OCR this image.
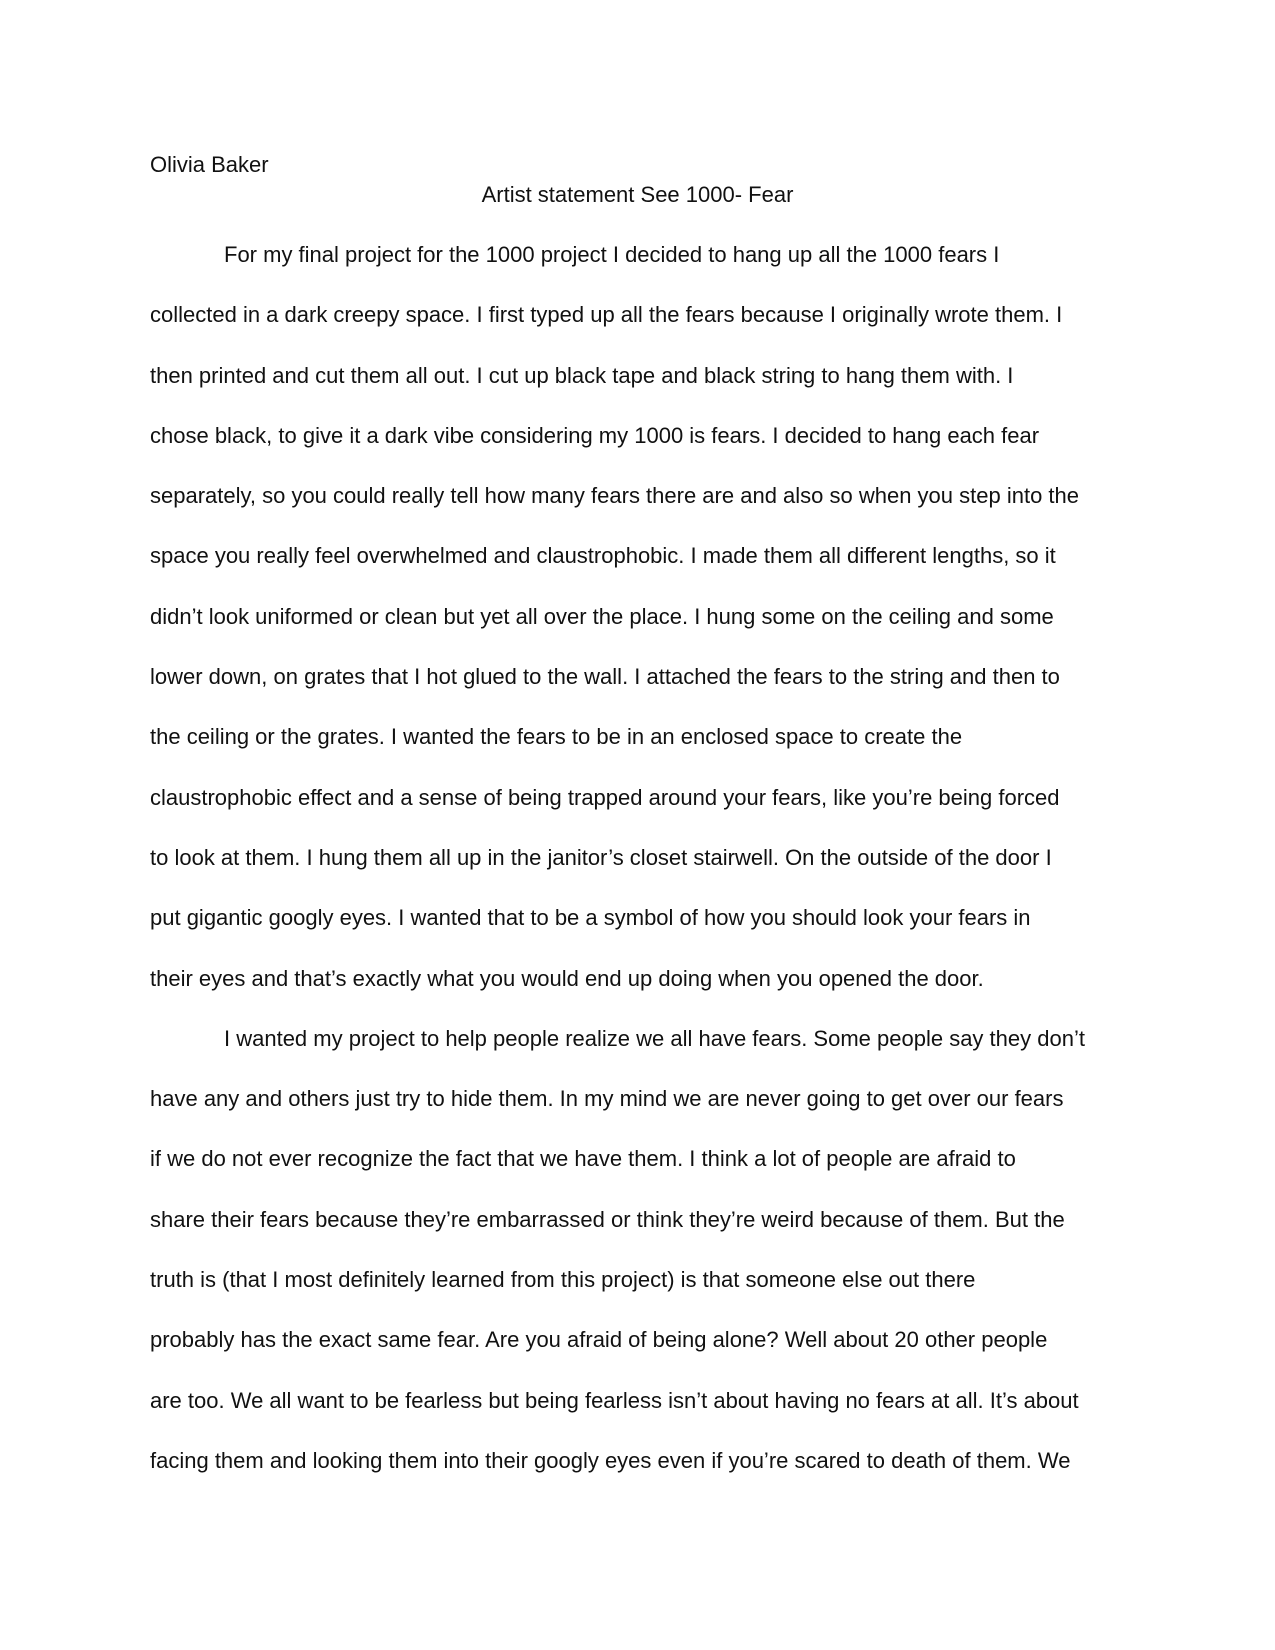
Olivia Baker
Artist statement See 1000- Fear
For my final project for the 1000 project I decided to hang up all the 1000 fears I
collected in a dark creepy space. I first typed up all the fears because I originally wrote them. I
then printed and cut them all out. I cut up black tape and black string to hang them with. I
chose black, to give it a dark vibe considering my 1000 is fears. I decided to hang each fear
separately, so you could really tell how many fears there are and also so when you step into the
space you really feel overwhelmed and claustrophobic. I made them all different lengths, so it
didn’t look uniformed or clean but yet all over the place. I hung some on the ceiling and some
lower down, on grates that I hot glued to the wall. I attached the fears to the string and then to
the ceiling or the grates. I wanted the fears to be in an enclosed space to create the
claustrophobic effect and a sense of being trapped around your fears, like you’re being forced
to look at them. I hung them all up in the janitor’s closet stairwell. On the outside of the door I
put gigantic googly eyes. I wanted that to be a symbol of how you should look your fears in
their eyes and that’s exactly what you would end up doing when you opened the door.
I wanted my project to help people realize we all have fears. Some people say they don’t
have any and others just try to hide them. In my mind we are never going to get over our fears
if we do not ever recognize the fact that we have them. I think a lot of people are afraid to
share their fears because they’re embarrassed or think they’re weird because of them. But the
truth is (that I most definitely learned from this project) is that someone else out there
probably has the exact same fear. Are you afraid of being alone? Well about 20 other people
are too. We all want to be fearless but being fearless isn’t about having no fears at all. It’s about
facing them and looking them into their googly eyes even if you’re scared to death of them. We
